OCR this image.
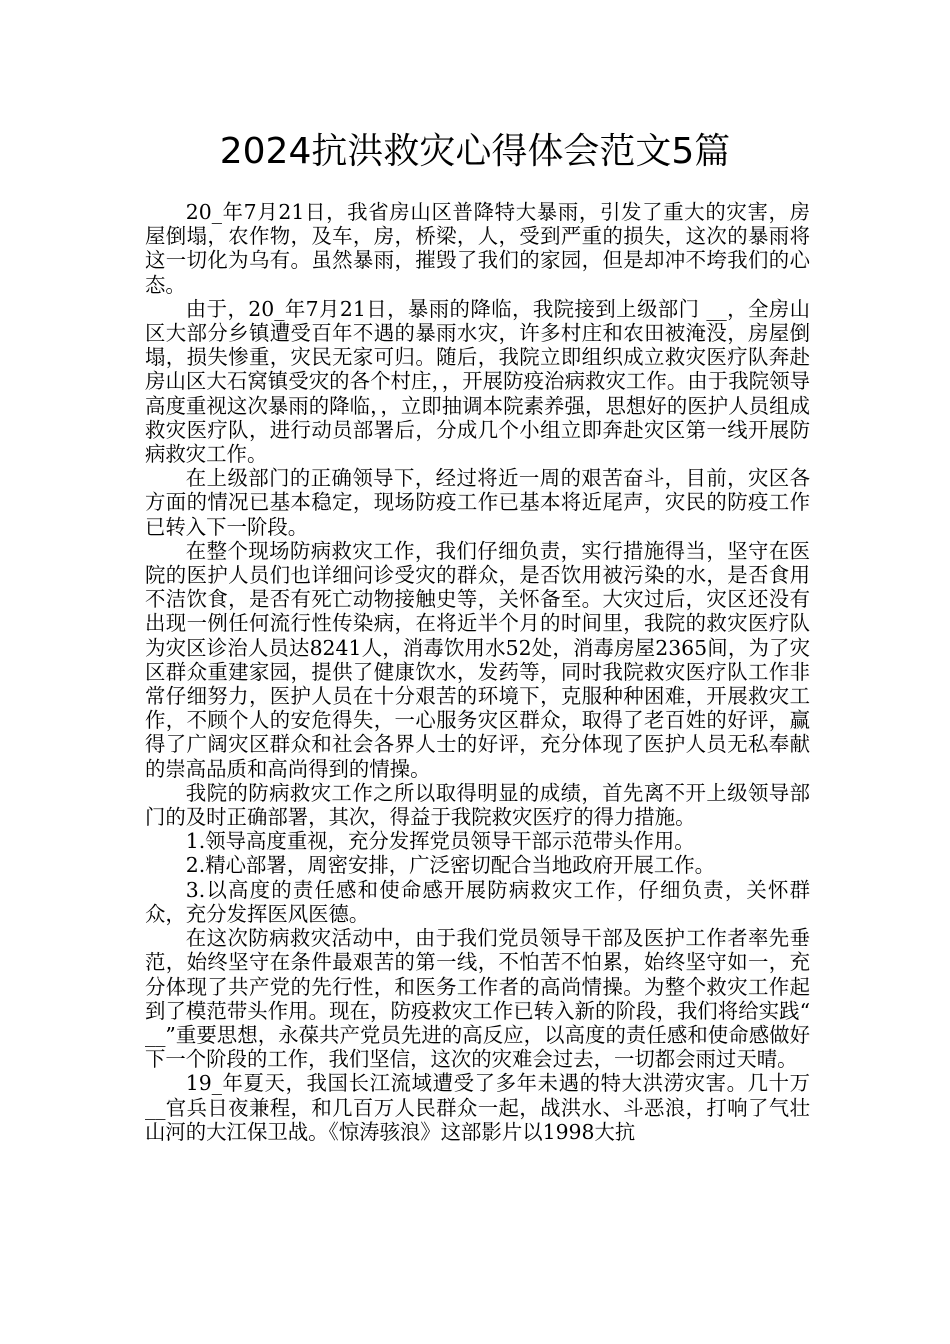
2024抗洪救灾心得体会范文5篇

20_年7月21日，我省房山区普降特大暴雨，引发了重大的灾害，房屋倒塌，农作物，及车，房，桥梁，人，受到严重的损失，这次的暴雨将这一切化为乌有。虽然暴雨，摧毁了我们的家园，但是却冲不垮我们的心态。

由于，20_年7月21日，暴雨的降临，我院接到上级部门 __，全房山区大部分乡镇遭受百年不遇的暴雨水灾，许多村庄和农田被淹没，房屋倒塌，损失惨重，灾民无家可归。随后，我院立即组织成立救灾医疗队奔赴房山区大石窝镇受灾的各个村庄，，开展防疫治病救灾工作。由于我院领导高度重视这次暴雨的降临，，立即抽调本院素养强，思想好的医护人员组成救灾医疗队，进行动员部署后，分成几个小组立即奔赴灾区第一线开展防病救灾工作。

在上级部门的正确领导下，经过将近一周的艰苦奋斗，目前，灾区各方面的情况已基本稳定，现场防疫工作已基本将近尾声，灾民的防疫工作已转入下一阶段。

在整个现场防病救灾工作，我们仔细负责，实行措施得当，坚守在医院的医护人员们也详细问诊受灾的群众，是否饮用被污染的水，是否食用不洁饮食，是否有死亡动物接触史等，关怀备至。大灾过后，灾区还没有出现一例任何流行性传染病，在将近半个月的时间里，我院的救灾医疗队为灾区诊治人员达8241人，消毒饮用水52处，消毒房屋2365间，为了灾区群众重建家园，提供了健康饮水，发药等，同时我院救灾医疗队工作非常仔细努力，医护人员在十分艰苦的环境下，克服种种困难，开展救灾工作，不顾个人的安危得失，一心服务灾区群众，取得了老百姓的好评，赢得了广阔灾区群众和社会各界人士的好评，充分体现了医护人员无私奉献的崇高品质和高尚得到的情操。

我院的防病救灾工作之所以取得明显的成绩，首先离不开上级领导部门的及时正确部署，其次，得益于我院救灾医疗的得力措施。

1.领导高度重视，充分发挥党员领导干部示范带头作用。

2.精心部署，周密安排，广泛密切配合当地政府开展工作。

3.以高度的责任感和使命感开展防病救灾工作，仔细负责，关怀群众，充分发挥医风医德。

在这次防病救灾活动中，由于我们党员领导干部及医护工作者率先垂范，始终坚守在条件最艰苦的第一线，不怕苦不怕累，始终坚守如一，充分体现了共产党的先行性，和医务工作者的高尚情操。为整个救灾工作起到了模范带头作用。现在，防疫救灾工作已转入新的阶段，我们将给实践“ __”重要思想，永葆共产党员先进的高反应，以高度的责任感和使命感做好下一个阶段的工作，我们坚信，这次的灾难会过去，一切都会雨过天晴。

19_年夏天，我国长江流域遭受了多年未遇的特大洪涝灾害。几十万 __官兵日夜兼程，和几百万人民群众一起，战洪水、斗恶浪，打响了气壮山河的大江保卫战。《惊涛骇浪》这部影片以1998大抗
